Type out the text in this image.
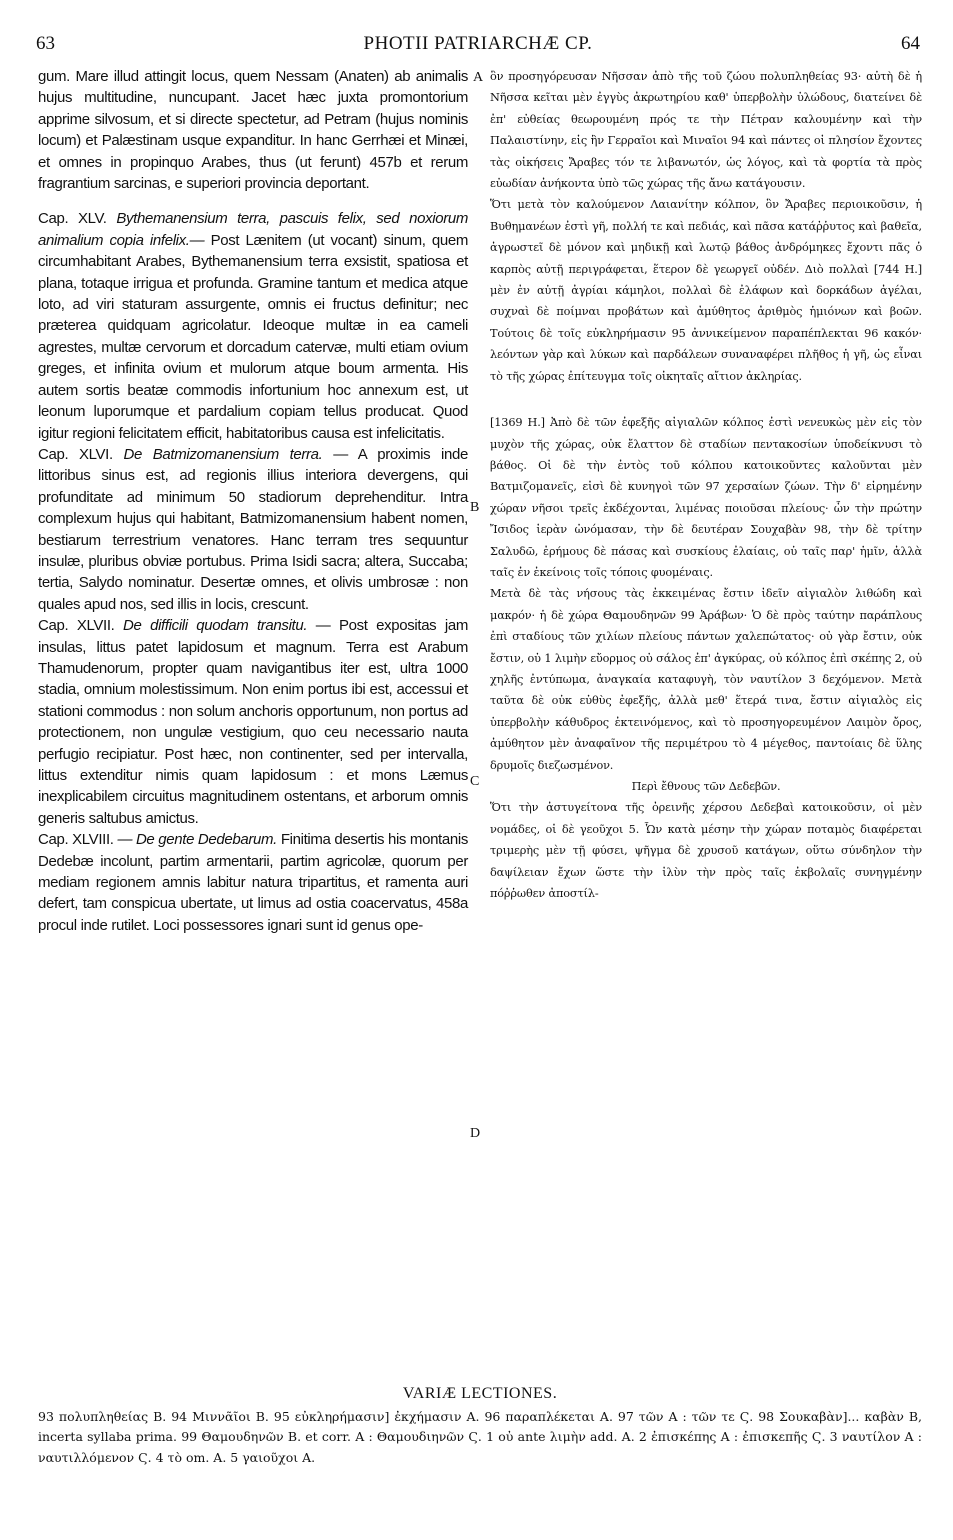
63	PHOTII PATRIARCHÆ CP.	64

gum. Mare illud attingit locus, quem Nessam (Anaten) ab animalis hujus multitudine, nuncupant. Jacet hæc juxta promontorium apprime silvosum, et si directe spectetur, ad Petram (hujus nominis locum) et Palæstinam usque expanditur. In hanc Gerrhæi et Minæi, et omnes in propinquo Arabes, thus (ut ferunt) 457b et rerum fragrantium sarcinas, e superiori provincia deportant.

Cap. XLV. Bythemanensium terra, pascuis felix, sed noxiorum animalium copia infelix.— Post Lænitem (ut vocant) sinum, quem circumhabitant Arabes, Bythemanensium terra exsistit, spatiosa et plana, totaque irrigua et profunda. Gramine tantum et medica atque loto, ad viri staturam assurgente, omnis ei fructus definitur; nec præterea quidquam agricolatur. Ideoque multæ in ea cameli agrestes, multæ cervorum et dorcadum catervæ, multi etiam ovium greges, et infinita ovium et mulorum atque boum armenta. His autem sortis beatæ commodis infortunium hoc annexum est, ut leonum luporumque et pardalium copiam tellus producat. Quod igitur regioni felicitatem efficit, habitatoribus causa est infelicitatis.

Cap. XLVI. De Batmizomanensium terra. — A proximis inde littoribus sinus est, ad regionis illius interiora devergens, qui profunditate ad minimum 50 stadiorum deprehenditur. Intra complexum hujus qui habitant, Batmizomanensium habent nomen, bestiarum terrestrium venatores. Hanc terram tres sequuntur insulæ, pluribus obviæ portubus. Prima Isidi sacra; altera, Succaba; tertia, Salydo nominatur. Desertæ omnes, et olivis umbrosæ : non quales apud nos, sed illis in locis, crescunt.

Cap. XLVII. De difficili quodam transitu. — Post expositas jam insulas, littus patet lapidosum et magnum. Terra est Arabum Thamudenorum, propter quam navigantibus iter est, ultra 1000 stadia, omnium molestissimum. Non enim portus ibi est, accessui et stationi commodus : non solum anchoris opportunum, non portus ad protectionem, non ungulæ vestigium, quo ceu necessario nauta perfugio recipiatur. Post hæc, non continenter, sed per intervalla, littus extenditur nimis quam lapidosum : et mons Læmus inexplicabilem circuitus magnitudinem ostentans, et arborum omnis generis saltubus amictus.

Cap. XLVIII. — De gente Dedebarum. Finitima desertis his montanis Dedebæ incolunt, partim armentarii, partim agricolæ, quorum per mediam regionem amnis labitur natura tripartitus, et ramenta auri defert, tam conspicua ubertate, ut limus ad ostia coacervatus, 458a procul inde rutilet. Loci possessores ignari sunt id genus ope-

A
B
C
D

ὃν προσηγόρευσαν Νῆσσαν ἀπὸ τῆς τοῦ ζώου πολυπληθείας 93· αὐτὴ δὲ ἡ Νῆσσα κεῖται μὲν ἐγγὺς ἀκρωτηρίου καθ' ὑπερβολὴν ὑλώδους, διατείνει δὲ ἐπ' εὐθείας θεωρουμένη πρός τε τὴν Πέτραν καλουμένην καὶ τὴν Παλαιστίνην, εἰς ἣν Γερραῖοι καὶ Μιναῖοι 94 καὶ πάντες οἱ πλησίον ἔχοντες τὰς οἰκήσεις Ἄραβες τόν τε λιβανωτόν, ὡς λόγος, καὶ τὰ φορτία τὰ πρὸς εὐωδίαν ἀνήκοντα ὑπὸ τῶς χώρας τῆς ἄνω κατάγουσιν.

Ὅτι μετὰ τὸν καλούμενον Λαιανίτην κόλπον, ὃν Ἄραβες περιοικοῦσιν, ἡ Βυθημανέων ἐστὶ γῆ, πολλή τε καὶ πεδιάς, καὶ πᾶσα κατάῤῥυτος καὶ βαθεῖα, ἀγρωστεῖ δὲ μόνον καὶ μηδικῇ καὶ λωτῷ βάθος ἀνδρόμηκες ἔχοντι πᾶς ὁ καρπὸς αὐτῇ περιγράφεται, ἕτερον δὲ γεωργεῖ οὐδέν. Διὸ πολλαὶ [744 H.] μὲν ἐν αὐτῇ ἀγρίαι κάμηλοι, πολλαὶ δὲ ἐλάφων καὶ δορκάδων ἀγέλαι, συχναὶ δὲ ποίμναι προβάτων καὶ ἀμύθητος ἀριθμὸς ἡμιόνων καὶ βοῶν. Τούτοις δὲ τοῖς εὐκληρήμασιν 95 ἀννικείμενον παραπέπλεκται 96 κακόν· λεόντων γὰρ καὶ λύκων καὶ παρδάλεων συναναφέρει πλῆθος ἡ γῆ, ὡς εἶναι τὸ τῆς χώρας ἐπίτευγμα τοῖς οἰκηταῖς αἴτιον ἀκληρίας.

[1369 H.] Ἀπὸ δὲ τῶν ἐφεξῆς αἰγιαλῶν κόλπος ἐστὶ νενευκὼς μὲν εἰς τὸν μυχὸν τῆς χώρας, οὐκ ἔλαττον δὲ σταδίων πεντακοσίων ὑποδείκνυσι τὸ βάθος. Οἱ δὲ τὴν ἐντὸς τοῦ κόλπου κατοικοῦντες καλοῦνται μὲν Βατμιζομανεῖς, εἰσὶ δὲ κυνηγοὶ τῶν 97 χερσαίων ζώων. Τὴν δ' εἰρημένην χώραν νῆσοι τρεῖς ἐκδέχονται, λιμένας ποιοῦσαι πλείους· ὧν τὴν πρώτην Ἴσιδος ἱερὰν ὠνόμασαν, τὴν δὲ δευτέραν Σουχαβὰν 98, τὴν δὲ τρίτην Σαλυδῶ, ἐρήμους δὲ πάσας καὶ συσκίους ἐλαίαις, οὐ ταῖς παρ' ἡμῖν, ἀλλὰ ταῖς ἐν ἐκείνοις τοῖς τόποις φυομέναις.

Μετὰ δὲ τὰς νήσους τὰς ἐκκειμένας ἔστιν ἰδεῖν αἰγιαλὸν λιθώδη καὶ μακρόν· ἡ δὲ χώρα Θαμουδηνῶν 99 Ἀράβων· Ὁ δὲ πρὸς ταύτην παράπλους ἐπὶ σταδίους τῶν χιλίων πλείους πάντων χαλεπώτατος· οὐ γὰρ ἔστιν, οὐκ ἔστιν, οὐ 1 λιμὴν εὔορμος οὐ σάλος ἐπ' ἀγκύρας, οὐ κόλπος ἐπὶ σκέπης 2, οὐ χηλῆς ἐντύπωμα, ἀναγκαία καταφυγὴ, τὸν ναυτίλον 3 δεχόμενον. Μετὰ ταῦτα δὲ οὐκ εὐθὺς ἐφεξῆς, ἀλλὰ μεθ' ἕτερά τινα, ἔστιν αἰγιαλὸς εἰς ὑπερβολὴν κάθυδρος ἐκτεινόμενος, καὶ τὸ προσηγορευμένον Λαιμὸν ὄρος, ἀμύθητον μὲν ἀναφαῖνον τῆς περιμέτρου τὸ 4 μέγεθος, παντοίαις δὲ ὕλης δρυμοῖς διεζωσμένον.

Περὶ ἔθνους τῶν Δεδεβῶν.

Ὅτι τὴν ἀστυγείτονα τῆς ὀρεινῆς χέρσου Δεδεβαὶ κατοικοῦσιν, οἱ μὲν νομάδες, οἱ δὲ γεοῦχοι 5. Ὧν κατὰ μέσην τὴν χώραν ποταμὸς διαφέρεται τριμερὴς μὲν τῇ φύσει, ψῆγμα δὲ χρυσοῦ κατάγων, οὕτω σύνδηλον τὴν δαψίλειαν ἔχων ὥστε τὴν ἰλὺν τὴν πρὸς ταῖς ἐκβολαῖς συνηγμένην πόῤῥωθεν ἀποστίλ-

VARIÆ LECTIONES.

93 πολυπληθείας B. 94 Μιννᾶῖοι B. 95 εὐκληρήμασιν] ἐκχήμασιν A. 96 παραπλέκεται A. 97 τῶν A : τῶν τε Ϛ. 98 Σουκαβὰν]... καβὰν B, incerta syllaba prima. 99 Θαμουδηνῶν B. et corr. A : Θαμουδιηνῶν Ϛ. 1 οὐ ante λιμὴν add. A. 2 ἐπισκέπης A : ἐπισκεπῆς Ϛ. 3 ναυτίλον A : ναυτιλλόμενον Ϛ. 4 τὸ om. A. 5 γαιοῦχοι A.
